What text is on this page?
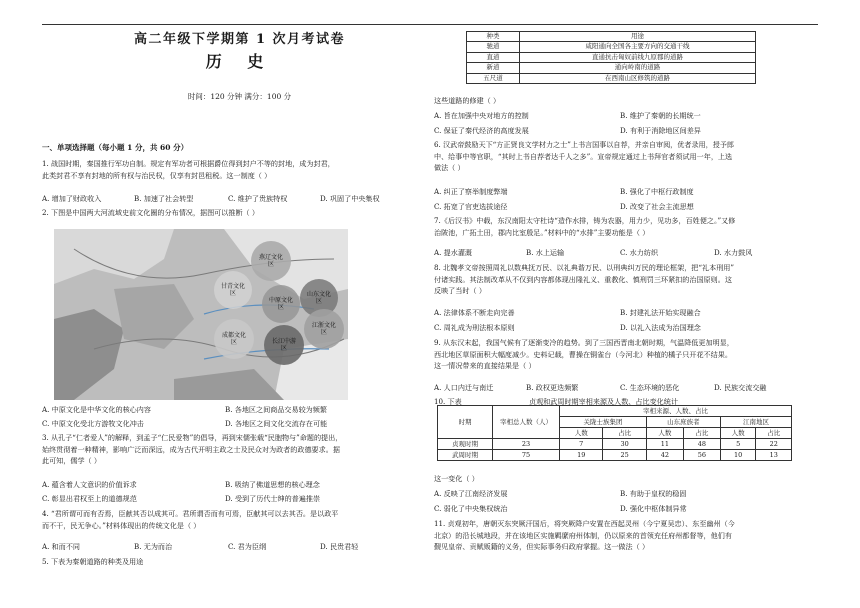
高二年级下学期第 1 次月考试卷
历 史
时间：120 分钟 满分：100 分
一、单项选择题（每小题 1 分，共 60 分）

1. 战国时期，秦国推行军功自制。规定有军功者可根据爵位得到封户不等的封地，成为封君，

此类封君不享有封地的所有权与治民权，仅享有封邑租税。这一制度（ ）

A. 增加了财政收入	B. 加速了社会转型	C. 维护了贵族特权	D. 巩固了中央集权
2. 下图是中国两大河流域史前文化圈的分布情况，据图可以推断（ ）
燕辽文化区
甘青文化区
中原文化区
山东文化区
成都文化区	长江中游区
江浙文化区
A. 中原文化是中华文化的核心内容	B. 各地区之间商品交易较为频繁
C. 中原文化受北方游牧文化冲击	D. 各地区之间文化交流存在可能

3. 从孔子“仁者爱人”的解释，到孟子“仁民爱物”的倡导，再到宋儒张载“民胞物与”命题的提出，

始终贯彻着一种精神，影响广泛而深远，成为古代开明主政之士及民众对为政者的政德要求。据

此可知，儒学（ ）

A. 蕴含着人文意识的价值诉求	B. 吸纳了佛道思想的核心理念
C. 彰显出君权至上的道德规范	D. 受到了历代士绅的普遍推崇

4. “君所谓可而有否焉，臣献其否以成其可。君所谓否而有可焉，臣献其可以去其否。是以政平

而不干，民无争心。”材料体现出的传统文化是（ ）

A. 和而不同	B. 无为而治	C. 君为臣纲	D. 民贵君轻
5. 下表为秦朝道路的种类及用途
种类	用途
驰道	咸阳通向全国各主要方向的交通干线
直道	直通抗击匈奴前线九原郡的道路
新道	通向岭南的道路
五尺道	在西南山区修筑的道路
这些道路的修建（ ）
A. 旨在加强中央对地方的控制	B. 维护了秦朝的长期统一
C. 保证了秦代经济的高度发展	D. 有利于消除地区间差异

6. 汉武帝鼓励天下“方正贤良文学材力之士”上书言国事以自荐，并亲自审阅，优者录用，授予郎

中、给事中等官职，“其时上书自荐者达千人之多”。宣帝规定通过上书拜官者须试用一年，上选

做法（ ）

A. 纠正了察举制度弊端	B. 强化了中枢行政制度
C. 拓宽了官吏选拔途径	D. 改变了社会主流思想

7.《后汉书》中载，东汉南阳太守杜诗“造作水排，铸为农器，用力少，见功多，百姓便之。”又修

治陂池，广拓土田，郡内比室殷足。”材料中的“水排”主要功能是（ ）

A. 提水灌溉	B. 水上运输	C. 水力纺织	D. 水力鼓风

8. 北魏孝文帝按照周礼以数典抚万民、以礼典谐万民、以刑典纠万民的理论框架，把“礼本刑用”

付诸实践。其法制改革从不仅到内容都体现出隆礼义、重教化、慎刑罚三环紧扣的治国原则。这

反映了当时（ ）

A. 法律体系不断走向完善	B. 封建礼法开始实现融合
C. 周礼成为刑法根本原则	D. 以礼入法成为治国理念

9. 从东汉末起，我国气候有了逐渐变冷的趋势。到了三国西晋南北朝时期，气温降低更加明显，

西北地区草原面积大幅度减少。史料记载，曹操在铜雀台（今河北）种植的橘子只开花不结果。

这一情况带来的直接结果是（ ）

A. 人口内迁与南迁	B. 政权更迭频繁	C. 生态环境的恶化	D. 民族交流交融
10. 下表	贞观和武周时期宰相来源及人数、占比变化统计
时期	宰相总人数（人）	宰相来源、人数、占比					
		关陇士族集团		山东庶族者		江南地区	
		人数	占比	人数	占比	人数	占比
贞观时期	23	7	30	11	48	5	22
武周时期	75	19	25	42	56	10	13
这一变化（ ）
A. 反映了江南经济发展	B. 有助于皇权的稳固
C. 弱化了中央集权统治	D. 强化中枢体制异常

11. 贞观初年，唐朝灭东突厥汗国后，将突厥降户安置在西起灵州（今宁夏吴忠）、东至幽州（今

北京）的沿长城地段，并在该地区实施羁縻府州体制，仍以原来的首领充任府州都督等，他们有

觐见皇帝、贡赋贩籍的义务，但实际事务归政府掌握。这一做法（ ）
